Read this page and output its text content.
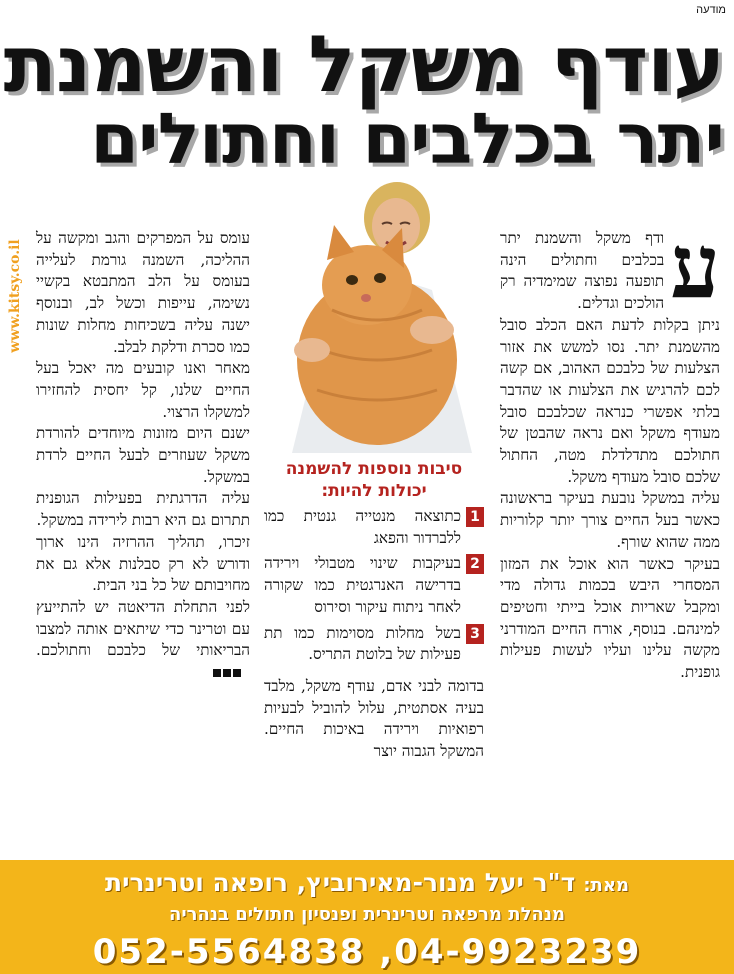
מודעה
עודף משקל והשמנת
יתר בכלבים וחתולים
www.kitsy.co.il	ע

ודף משקל והשמנת יתר בכלבים וחתולים הינה תופעה נפוצה שמימדיה רק הולכים וגדלים.

ניתן בקלות לדעת האם הכלב סובל מהשמנת יתר. נסו למשש את אזור הצלעות של כלבכם האהוב, אם קשה לכם להרגיש את הצלעות או שהדבר בלתי אפשרי כנראה שכלבכם סובל מעודף משקל ואם נראה שהבטן של חתולכם מתדלדלת מטה, החתול שלכם סובל מעודף משקל.

עליה במשקל נובעת בעיקר בראשונה כאשר בעל החיים צורך יותר קלוריות ממה שהוא שורף.

בעיקר כאשר הוא אוכל את המזון המסחרי היבש בכמות גדולה מדי ומקבל שאריות אוכל בייתי וחטיפים למינהם. בנוסף, אורח החיים המודרני מקשה עלינו ועליו לעשות פעילות גופנית.

סיבות נוספות להשמנה יכולות להיות:
1
כתוצאה מנטייה גנטית כמו ללברדור והפאג
2
בעיקבות שינוי מטבולי וירידה בדרישה האנרגטית כמו שקורה לאחר ניתוח עיקור וסירוס
3
בשל מחלות מסוימות כמו תת פעילות של בלוטת התריס.
בדומה לבני אדם, עודף משקל, מלבד בעיה אסתטית, עלול להוביל לבעיות רפואיות וירידה באיכות החיים. המשקל הגבוה יוצר

עומס על המפרקים והגב ומקשה על ההליכה, השמנה גורמת לעלייה בעומס על הלב המתבטא בקשיי נשימה, עייפות וכשל לב, ובנוסף ישנה עליה בשכיחות מחלות שונות כמו סכרת ודלקת לבלב.

מאחר ואנו קובעים מה יאכל בעל החיים שלנו, קל יחסית להחזירו למשקלו הרצוי.

ישנם היום מזונות מיוחדים להורדת משקל שעוזרים לבעל החיים לרדת במשקל.

עליה הדרגתית בפעילות הגופנית תתרום גם היא רבות לירידה במשקל.

זיכרו, תהליך ההרזיה הינו ארוך ודורש לא רק סבלנות אלא גם את מחויבותם של כל בני הבית.

לפני התחלת הדיאטה יש להתייעץ עם וטרינר כדי שיתאים אותה למצבו הבריאותי של כלבכם וחתולכם.

מאת:ד"ר יעל מנור-מאירוביץ, רופאה וטרינרית
מנהלת מרפאה וטרינרית ופנסיון חתולים בנהריה
04-9923239, 052-5564838
